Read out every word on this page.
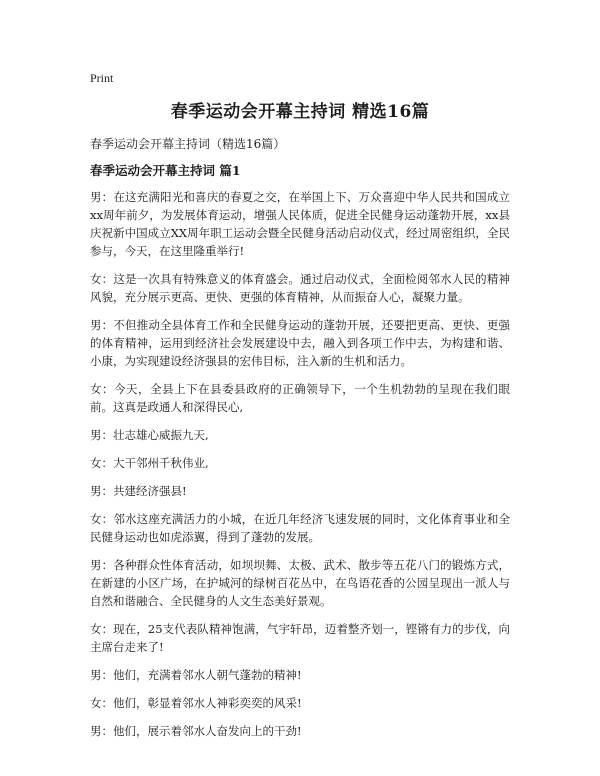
Print
春季运动会开幕主持词 精选16篇
春季运动会开幕主持词（精选16篇）
春季运动会开幕主持词 篇1

男：在这充满阳光和喜庆的春夏之交，在举国上下、万众喜迎中华人民共和国成立xx周年前夕，为发展体育运动，增强人民体质，促进全民健身运动蓬勃开展，xx县庆祝新中国成立XX周年职工运动会暨全民健身活动启动仪式，经过周密组织，全民参与，今天，在这里隆重举行!

女：这是一次具有特殊意义的体育盛会。通过启动仪式，全面检阅邻水人民的精神风貌，充分展示更高、更快、更强的体育精神，从而振奋人心，凝聚力量。

男：不但推动全县体育工作和全民健身运动的蓬勃开展，还要把更高、更快、更强的体育精神，运用到经济社会发展建设中去，融入到各项工作中去，为构建和谐、小康，为实现建设经济强县的宏伟目标，注入新的生机和活力。

女：今天，全县上下在县委县政府的正确领导下，一个生机勃勃的呈现在我们眼前。这真是政通人和深得民心,

男：壮志雄心威振九天,

女：大干邻州千秋伟业,

男：共建经济强县!

女：邻水这座充满活力的小城，在近几年经济飞速发展的同时，文化体育事业和全民健身运动也如虎添翼，得到了蓬勃的发展。

男：各种群众性体育活动，如坝坝舞、太极、武术、散步等五花八门的锻炼方式，在新建的小区广场，在护城河的绿树百花丛中，在鸟语花香的公园呈现出一派人与自然和谐融合、全民健身的人文生态美好景观。

女：现在，25支代表队精神饱满，气宇轩昂，迈着整齐划一，铿锵有力的步伐，向主席台走来了!

男：他们，充满着邻水人朝气蓬勃的精神!

女：他们，彰显着邻水人神彩奕奕的风采!

男：他们，展示着邻水人奋发向上的干劲!
